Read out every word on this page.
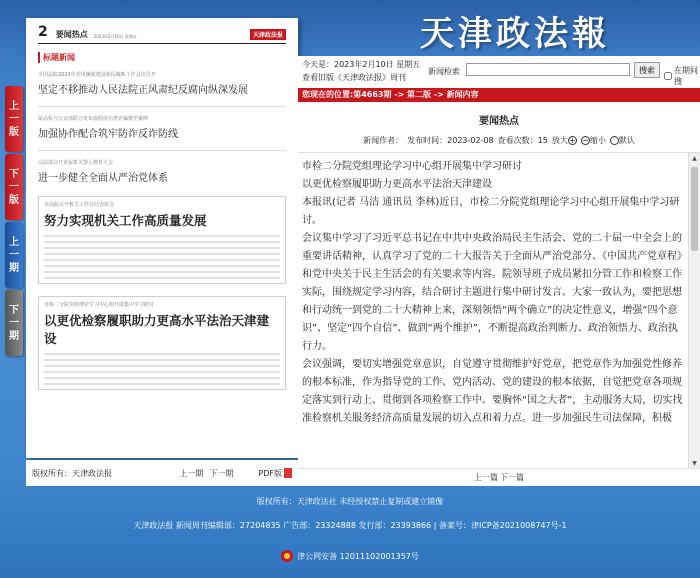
上
一
版
下
一
版
上
一
期
下
一
期
2 要闻热点 2023年2月10日 星期五	天津政法报
标题新闻
全国法院2023年党风廉政建设和反腐败工作会议召开
坚定不移推动人民法院正风肃纪反腐向纵深发展
最高检与公安部联合发布虚假征信类诈骗典型案例
加强协作配合筑牢防诈反诈防线
司法部召开直属机关警示教育大会
进一步健全全面从严治党体系
市高院召开机关工作总结表彰会
努力实现机关工作高质量发展
市检二分院党组理论学习中心组开展集中学习研讨
以更优检察履职助力更高水平法治天津建设
版权所有：天津政法报	上一期 下一期	PDF版
天津政法報
今天是：2023年2月10日 星期五
查看旧版《天津政法报》周刊
新闻检索	搜索	在期间搜
您现在的位置:第4663期 -> 第二版 -> 新闻内容
要闻热点
新闻作者： 发布时间：2023-02-08 查看次数：15 放大 + − 缩小 默认

市检二分院党组理论学习中心组开展集中学习研讨

以更优检察履职助力更高水平法治天津建设

本报讯(记者 马洁 通讯员 李林)近日，市检二分院党组理论学习中心组开展集中学习研讨。

会议集中学习了习近平总书记在中共中央政治局民主生活会、党的二十届一中全会上的重要讲话精神，认真学习了党的二十大报告关于全面从严治党部分、《中国共产党章程》和党中央关于民主生活会的有关要求等内容。院领导班子成员紧扣分管工作和检察工作实际，围绕规定学习内容，结合研讨主题进行集中研讨发言。大家一致认为，要把思想和行动统一到党的二十大精神上来，深刻领悟“两个确立”的决定性意义，增强“四个意识”、坚定“四个自信”、做到“两个维护”，不断提高政治判断力、政治领悟力、政治执行力。

会议强调，要切实增强党章意识，自觉遵守贯彻维护好党章，把党章作为加强党性修养的根本标准，作为指导党的工作、党内活动、党的建设的根本依据，自觉把党章各项规定落实到行动上、贯彻到各项检察工作中。要胸怀“国之大者”，主动服务大局，切实找准检察机关服务经济高质量发展的切入点和着力点。进一步加强民生司法保障，积极

▲
▼
上一篇 下一篇
版权所有：天津政法社 未经授权禁止复制或建立镜像
天津政法报 新闻周刊编辑部：27204835 广告部：23324888 发行部：23393866 | 备案号：津ICP备2021008747号-1
津公网安备 12011102001357号
